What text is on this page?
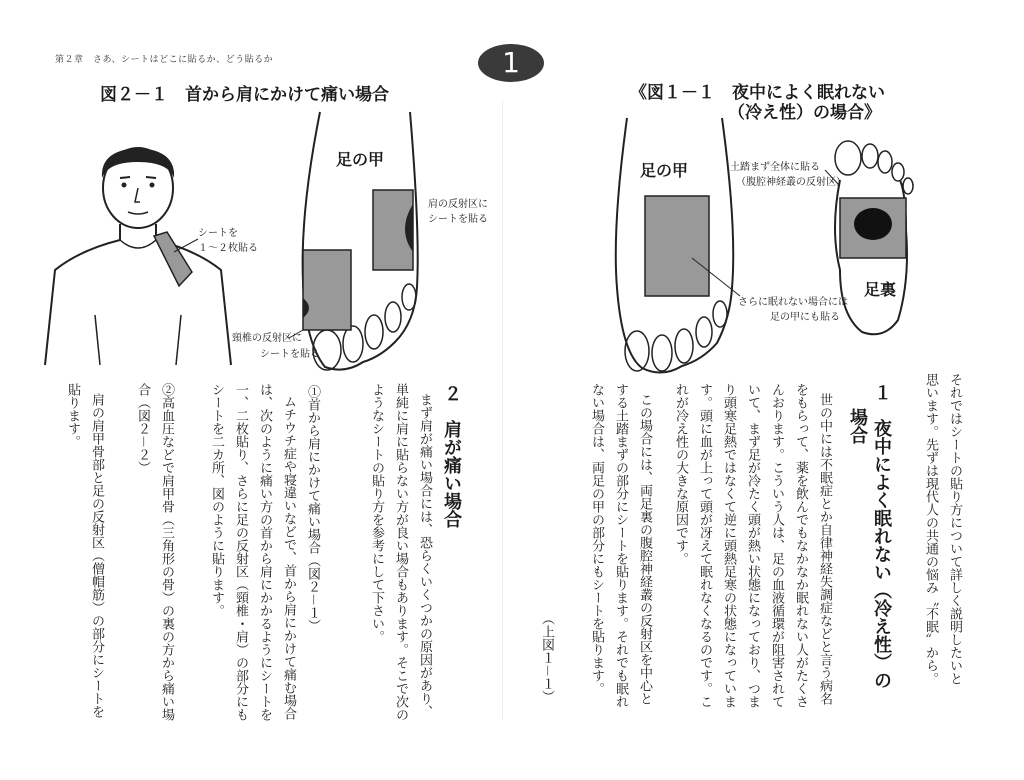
第２章　さあ、シートはどこに貼るか、どう貼るか	1
図２－１　首から肩にかけて痛い場合
シートを
１～２枚貼る
足の甲
肩の反射区に
シートを貼る
頸椎の反射区に
シートを貼る
２　肩が痛い場合
まず肩が痛い場合には、恐らくいくつかの原因があり、
単純に肩に貼らない方が良い場合もあります。そこで次の
ようなシートの貼り方を参考にして下さい。
①首から肩にかけて痛い場合（図２－１）
ムチウチ症や寝違いなどで、首から肩にかけて痛む場合
は、次のように痛い方の首から肩にかかるようにシートを
一、二枚貼り、さらに足の反射区（頸椎・肩）の部分にも
シートを二カ所、図のように貼ります。
②高血圧などで肩甲骨（三角形の骨）の裏の方から痛い場
合（図２－２）
肩の肩甲骨部と足の反射区（僧帽筋）の部分にシートを
貼ります。
《図１－１　夜中によく眠れない
（冷え性）の場合》
足の甲
足裏
土踏まず全体に貼る
（腹腔神経叢の反射区）
さらに眠れない場合には
足の甲にも貼る
それではシートの貼り方について詳しく説明したいと
思います。先ずは現代人の共通の悩み〝不眠〟から。
１　夜中によく眠れない（冷え性）の
場合
世の中には不眠症とか自律神経失調症などと言う病名
をもらって、薬を飲んでもなかなか眠れない人がたくさ
んおります。こういう人は、足の血液循環が阻害されて
いて、まず足が冷たく頭が熱い状態になっており、つま
り頭寒足熱ではなくて逆に頭熱足寒の状態になっていま
す。頭に血が上って頭が冴えて眠れなくなるのです。こ
れが冷え性の大きな原因です。
この場合には、両足裏の腹腔神経叢の反射区を中心と
する土踏まずの部分にシートを貼ります。それでも眠れ
ない場合は、両足の甲の部分にもシートを貼ります。
（上図１－１）
